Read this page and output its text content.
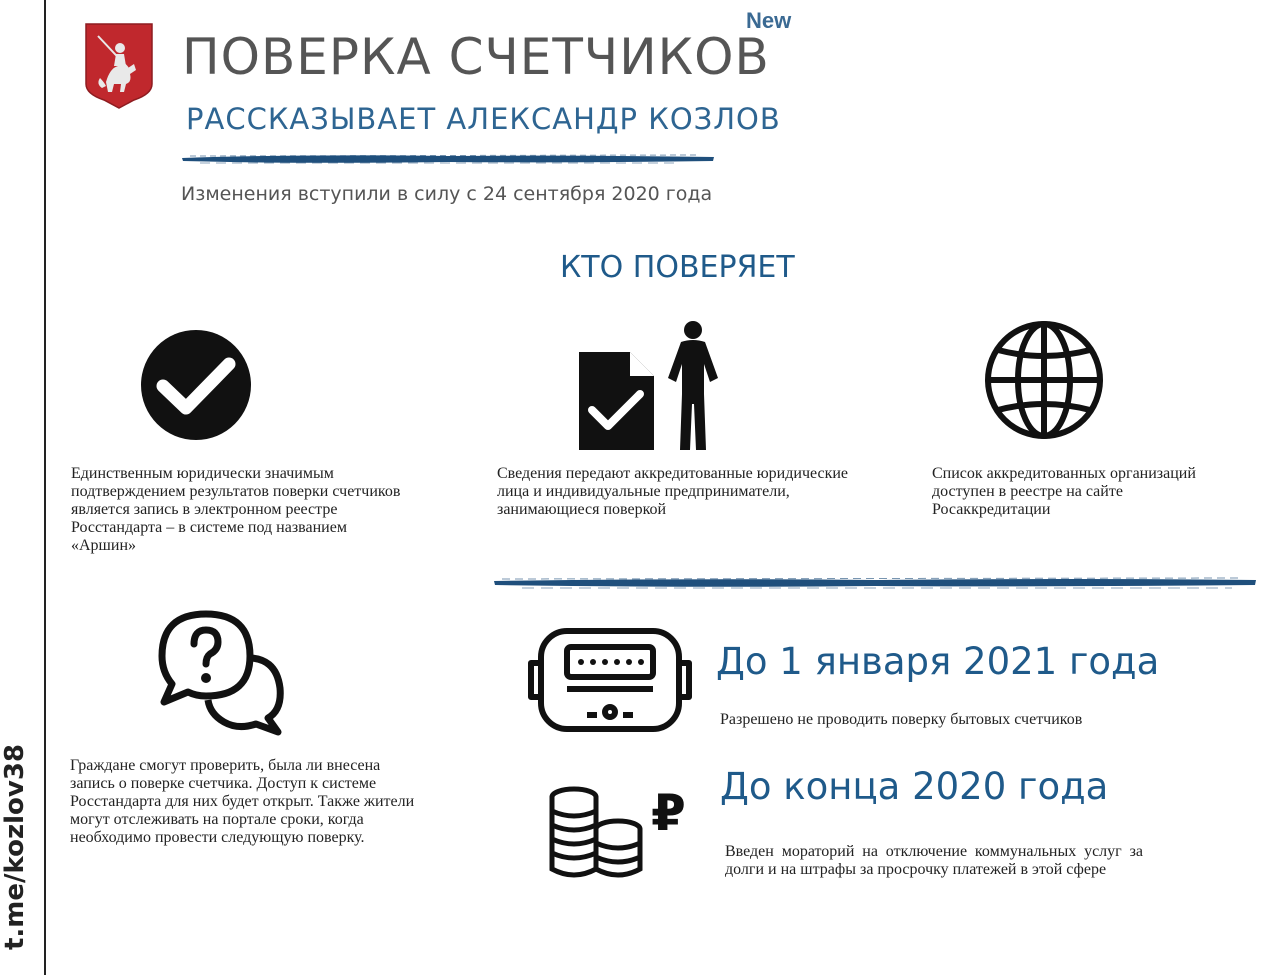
t.me/kozlov38
ПОВЕРКА СЧЕТЧИКОВ
New
РАССКАЗЫВАЕТ АЛЕКСАНДР КОЗЛОВ
Изменения вступили в силу с 24 сентября 2020 года
КТО ПОВЕРЯЕТ
Единственным юридически значимым подтверждением результатов поверки счетчиков является запись в электронном реестре Росстандарта – в системе под названием «Аршин»
Сведения передают аккредитованные юридические лица и индивидуальные предприниматели, занимающиеся поверкой
Список аккредитованных организаций доступен в реестре на сайте Росаккредитации
Граждане смогут проверить, была ли внесена запись о поверке счетчика. Доступ к системе Росстандарта для них будет открыт. Также жители могут отслеживать на портале сроки, когда необходимо провести следующую поверку.
До 1 января 2021 года
Разрешено не проводить поверку бытовых счетчиков
₽ До конца 2020 года
Введен мораторий на отключение коммунальных услуг за долги и на штрафы за просрочку платежей в этой сфере
